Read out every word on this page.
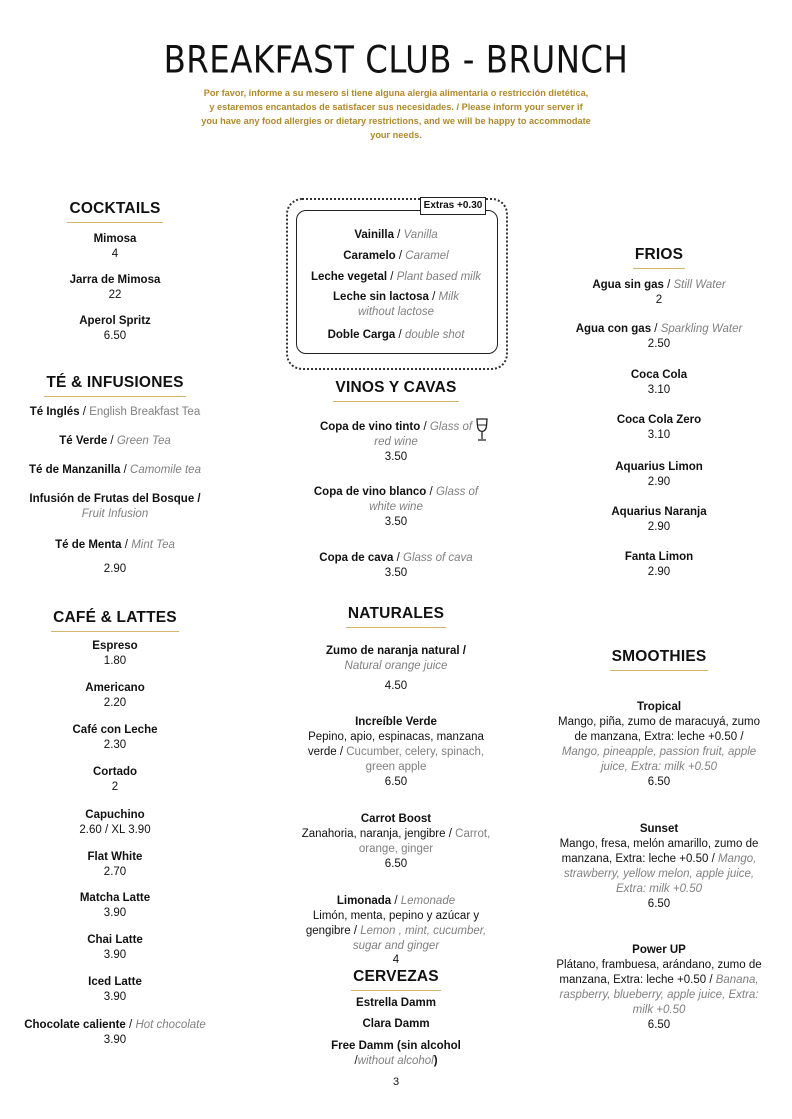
BREAKFAST CLUB - BRUNCH
Por favor, informe a su mesero si tiene alguna alergia alimentaria o restricción dietética, y estaremos encantados de satisfacer sus necesidades. / Please inform your server if you have any food allergies or dietary restrictions, and we will be happy to accommodate your needs.
COCKTAILS
Mimosa
4
Jarra de Mimosa
22
Aperol Spritz
6.50
TÉ & INFUSIONES
Té Inglés / English Breakfast Tea
Té Verde / Green Tea
Té de Manzanilla / Camomile tea
Infusión de Frutas del Bosque /
Fruit Infusion
Té de Menta / Mint Tea
2.90
CAFÉ & LATTES
Espreso
1.80
Americano
2.20
Café con Leche
2.30
Cortado
2
Capuchino
2.60 / XL 3.90
Flat White
2.70
Matcha Latte
3.90
Chai Latte
3.90
Iced Latte
3.90
Chocolate caliente / Hot chocolate
3.90
Extras +0.30
Vainilla / Vanilla
Caramelo / Caramel
Leche vegetal / Plant based milk
Leche sin lactosa / Milk without lactose
Doble Carga / double shot
VINOS Y CAVAS
Copa de vino tinto / Glass of red wine
3.50
Copa de vino blanco / Glass of white wine
3.50
Copa de cava / Glass of cava
3.50
NATURALES
Zumo de naranja natural /
Natural orange juice
4.50
Increíble Verde
Pepino, apio, espinacas, manzana verde / Cucumber, celery, spinach, green apple
6.50
Carrot Boost
Zanahoria, naranja, jengibre / Carrot, orange, ginger
6.50
Limonada / Lemonade
Limón, menta, pepino y azúcar y gengibre / Lemon , mint, cucumber, sugar and ginger
4
CERVEZAS
Estrella Damm
Clara Damm
Free Damm (sin alcohol
/without alcohol)
FRIOS
Agua sin gas / Still Water
2
Agua con gas / Sparkling Water
2.50
Coca Cola
3.10
Coca Cola Zero
3.10
Aquarius Limon
2.90
Aquarius Naranja
2.90
Fanta Limon
2.90
SMOOTHIES
Tropical
Mango, piña, zumo de maracuyá, zumo de manzana, Extra: leche +0.50 / Mango, pineapple, passion fruit, apple juice, Extra: milk +0.50
6.50
Sunset
Mango, fresa, melón amarillo, zumo de manzana, Extra: leche +0.50 / Mango, strawberry, yellow melon, apple juice, Extra: milk +0.50
6.50
Power UP
Plátano, frambuesa, arándano, zumo de manzana, Extra: leche +0.50 / Banana, raspberry, blueberry, apple juice, Extra: milk +0.50
6.50
3
